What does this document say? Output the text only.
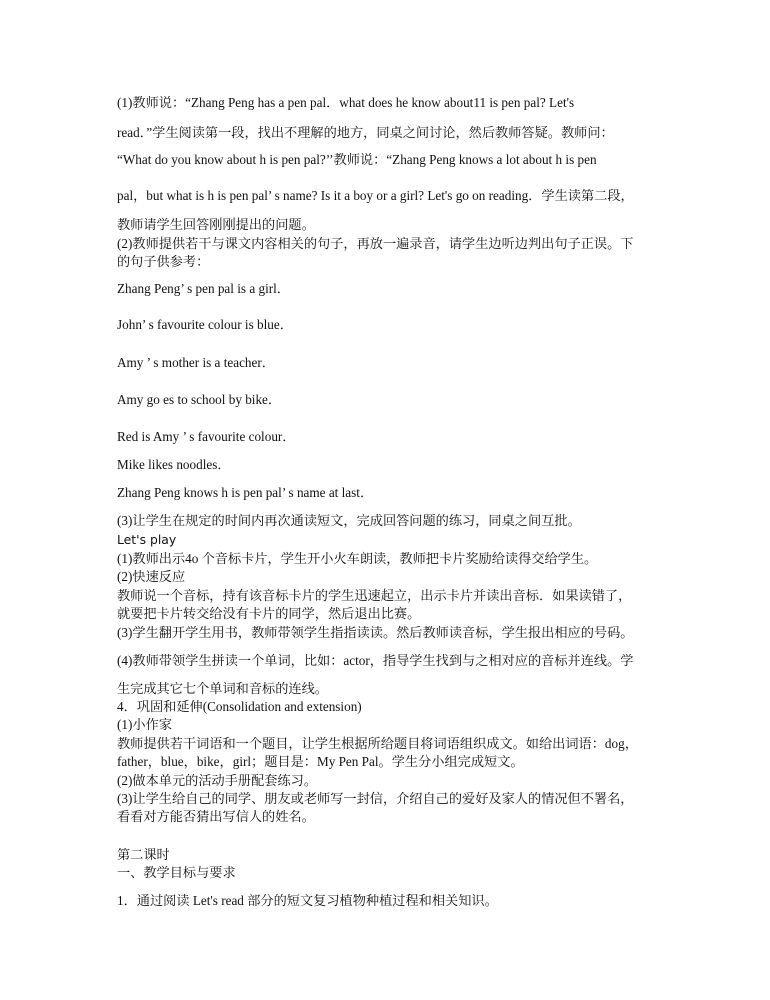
(1)教师说：“Zhang Peng has a pen pal．what does he know about11 is pen pal? Let's
read．”学生阅读第一段，找出不理解的地方，同桌之间讨论，然后教师答疑。教师问：
“What do you know about h is pen pal?’’教师说：“Zhang Peng knows a lot about h is pen
pal，but what is h is pen pal’ s name? Is it a boy or a girl? Let's go on reading．学生读第二段，
教师请学生回答刚刚提出的问题。
(2)教师提供若干与课文内容相关的句子，再放一遍录音，请学生边听边判出句子正误。下
的句子供参考：
Zhang Peng’ s pen pal is a girl．
John’ s favourite colour is blue．
Amy ’ s mother is a teacher．
Amy go es to school by bike．
Red is Amy ’ s favourite colour．
Mike likes noodles．
Zhang Peng knows h is pen pal’ s name at last．
(3)让学生在规定的时间内再次通读短文，完成回答问题的练习，同桌之间互批。
Let's play
(1)教师出示4o 个音标卡片，学生开小火车朗读，教师把卡片奖励给读得交给学生。
(2)快速反应
教师说一个音标，持有该音标卡片的学生迅速起立，出示卡片并读出音标．如果读错了，
就要把卡片转交给没有卡片的同学，然后退出比赛。
(3)学生翻开学生用书，教师带领学生指指读读。然后教师读音标，学生报出相应的号码。
(4)教师带领学生拼读一个单词，比如：actor，指导学生找到与之相对应的音标并连线。学
生完成其它七个单词和音标的连线。
4．巩固和延伸(Consolidation and extension)
(1)小作家
教师提供若干词语和一个题目，让学生根据所给题目将词语组织成文。如给出词语：dog，
father，blue，bike，girl；题目是：My Pen Pal。学生分小组完成短文。
(2)做本单元的活动手册配套练习。
(3)让学生给自己的同学、朋友或老师写一封信，介绍自己的爱好及家人的情况但不署名，
看看对方能否猜出写信人的姓名。
第二课时
一、教学目标与要求
1．通过阅读 Let's read 部分的短文复习植物种植过程和相关知识。
